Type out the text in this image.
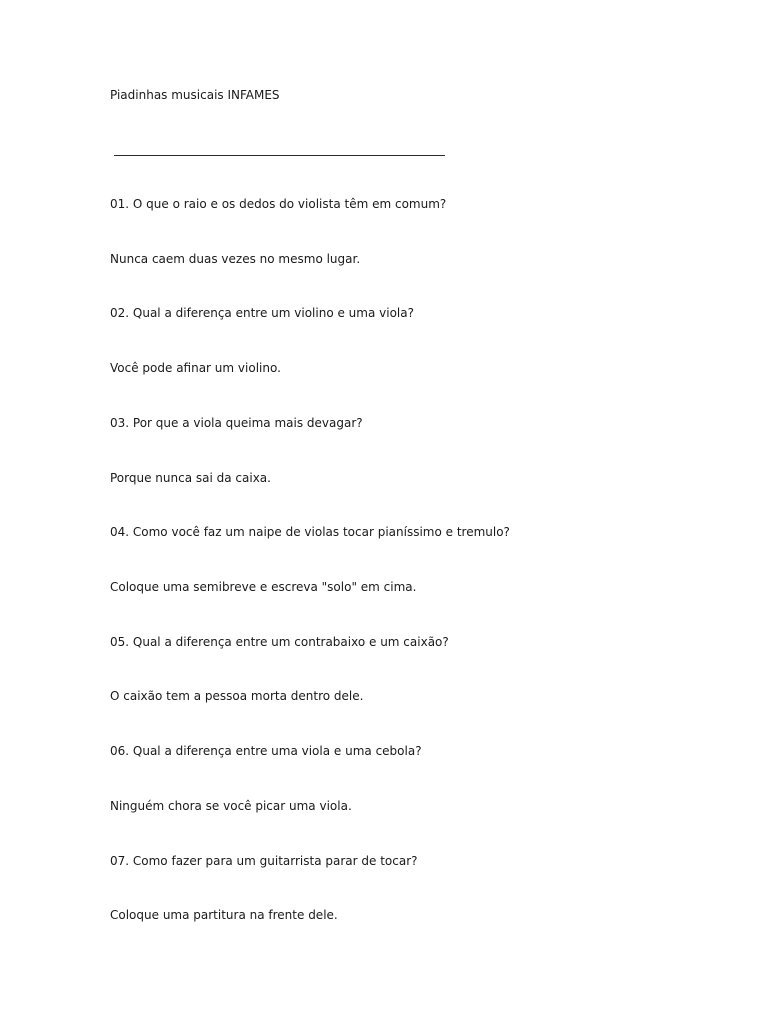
Piadinhas musicais INFAMES
01. O que o raio e os dedos do violista têm em comum?
Nunca caem duas vezes no mesmo lugar.
02. Qual a diferença entre um violino e uma viola?
Você pode afinar um violino.
03. Por que a viola queima mais devagar?
Porque nunca sai da caixa.
04. Como você faz um naipe de violas tocar pianíssimo e tremulo?
Coloque uma semibreve e escreva "solo" em cima.
05. Qual a diferença entre um contrabaixo e um caixão?
O caixão tem a pessoa morta dentro dele.
06. Qual a diferença entre uma viola e uma cebola?
Ninguém chora se você picar uma viola.
07. Como fazer para um guitarrista parar de tocar?
Coloque uma partitura na frente dele.
